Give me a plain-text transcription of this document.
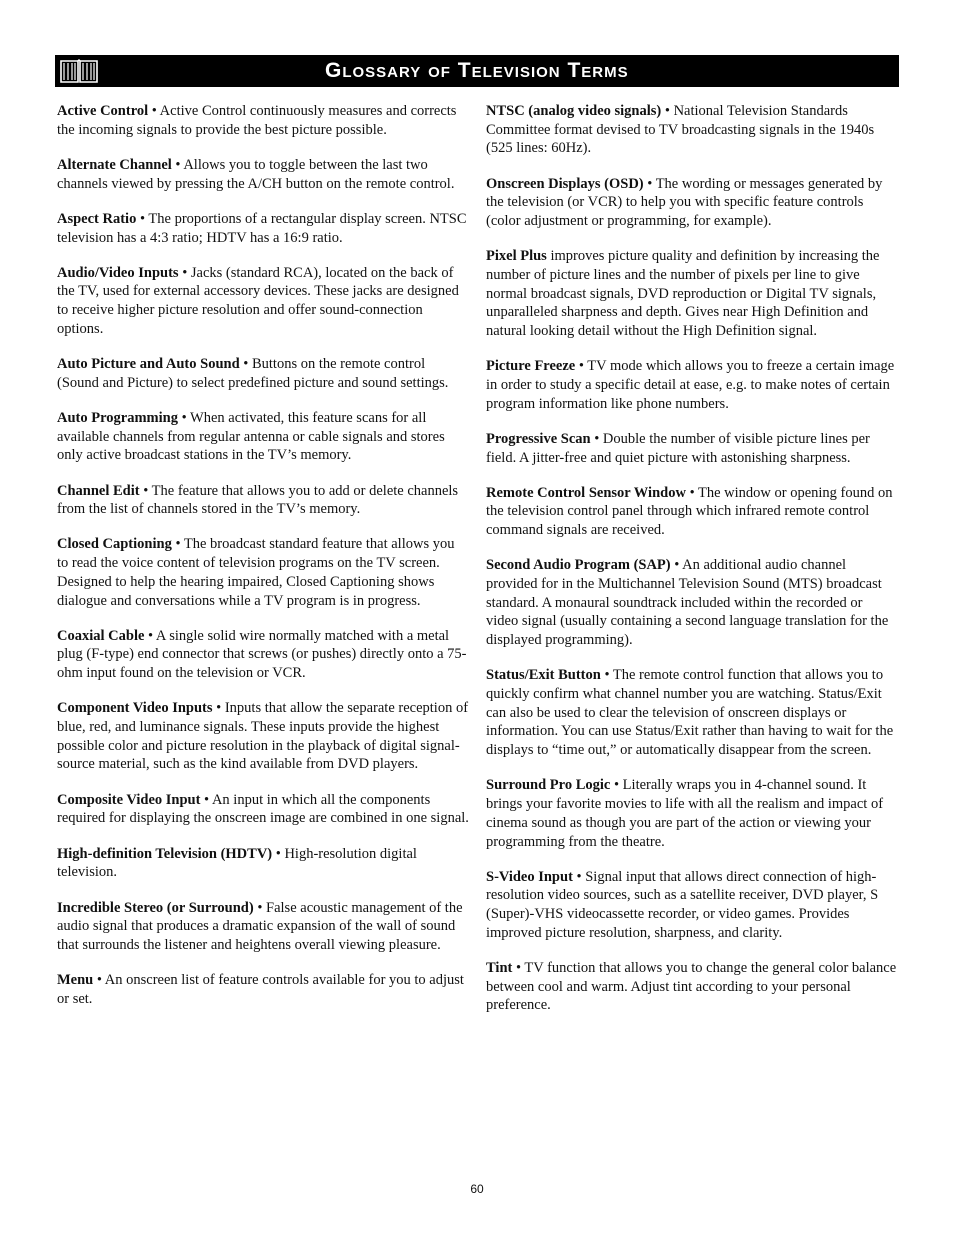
Glossary of Television Terms

Active Control • Active Control continuously measures and corrects the incoming signals to provide the best picture possible.

Alternate Channel • Allows you to toggle between the last two channels viewed by pressing the A/CH button on the remote control.

Aspect Ratio • The proportions of a rectangular display screen. NTSC television has a 4:3 ratio; HDTV has a 16:9 ratio.

Audio/Video Inputs • Jacks (standard RCA), located on the back of the TV, used for external accessory devices. These jacks are designed to receive higher picture resolution and offer sound-connection options.

Auto Picture and Auto Sound • Buttons on the remote control (Sound and Picture) to select predefined picture and sound settings.

Auto Programming • When activated, this feature scans for all available channels from regular antenna or cable signals and stores only active broadcast stations in the TV’s memory.

Channel Edit • The feature that allows you to add or delete channels from the list of channels stored in the TV’s memory.

Closed Captioning • The broadcast standard feature that allows you to read the voice content of television programs on the TV screen. Designed to help the hearing impaired, Closed Captioning shows dialogue and conversations while a TV program is in progress.

Coaxial Cable • A single solid wire normally matched with a metal plug (F-type) end connector that screws (or pushes) directly onto a 75-ohm input found on the television or VCR.

Component Video Inputs • Inputs that allow the separate reception of blue, red, and luminance signals. These inputs provide the highest possible color and picture resolution in the playback of digital signal-source material, such as the kind available from DVD players.

Composite Video Input • An input in which all the components required for displaying the onscreen image are combined in one signal.

High-definition Television (HDTV) • High-resolution digital television.

Incredible Stereo (or Surround) • False acoustic management of the audio signal that produces a dramatic expansion of the wall of sound that surrounds the listener and heightens overall viewing pleasure.

Menu • An onscreen list of feature controls available for you to adjust or set.

NTSC (analog video signals) • National Television Standards Committee format devised to TV broadcasting signals in the 1940s (525 lines: 60Hz).

Onscreen Displays (OSD) • The wording or messages generated by the television (or VCR) to help you with specific feature controls (color adjustment or programming, for example).

Pixel Plus improves picture quality and definition by increasing the number of picture lines and the number of pixels per line to give normal broadcast signals, DVD reproduction or Digital TV signals, unparalleled sharpness and depth. Gives near High Definition and natural looking detail without the High Definition signal.

Picture Freeze • TV mode which allows you to freeze a certain image in order to study a specific detail at ease, e.g. to make notes of certain program information like phone numbers.

Progressive Scan • Double the number of visible picture lines per field. A jitter-free and quiet picture with astonishing sharpness.

Remote Control Sensor Window • The window or opening found on the television control panel through which infrared remote control command signals are received.

Second Audio Program (SAP) • An additional audio channel provided for in the Multichannel Television Sound (MTS) broadcast standard. A monaural soundtrack included within the recorded or video signal (usually containing a second language translation for the displayed programming).

Status/Exit Button • The remote control function that allows you to quickly confirm what channel number you are watching. Status/Exit can also be used to clear the television of onscreen displays or information. You can use Status/Exit rather than having to wait for the displays to “time out,” or automatically disappear from the screen.

Surround Pro Logic • Literally wraps you in 4-channel sound. It brings your favorite movies to life with all the realism and impact of cinema sound as though you are part of the action or viewing your programming from the theatre.

S-Video Input • Signal input that allows direct connection of high-resolution video sources, such as a satellite receiver, DVD player, S (Super)-VHS videocassette recorder, or video games. Provides improved picture resolution, sharpness, and clarity.

Tint • TV function that allows you to change the general color balance between cool and warm. Adjust tint according to your personal preference.

60
